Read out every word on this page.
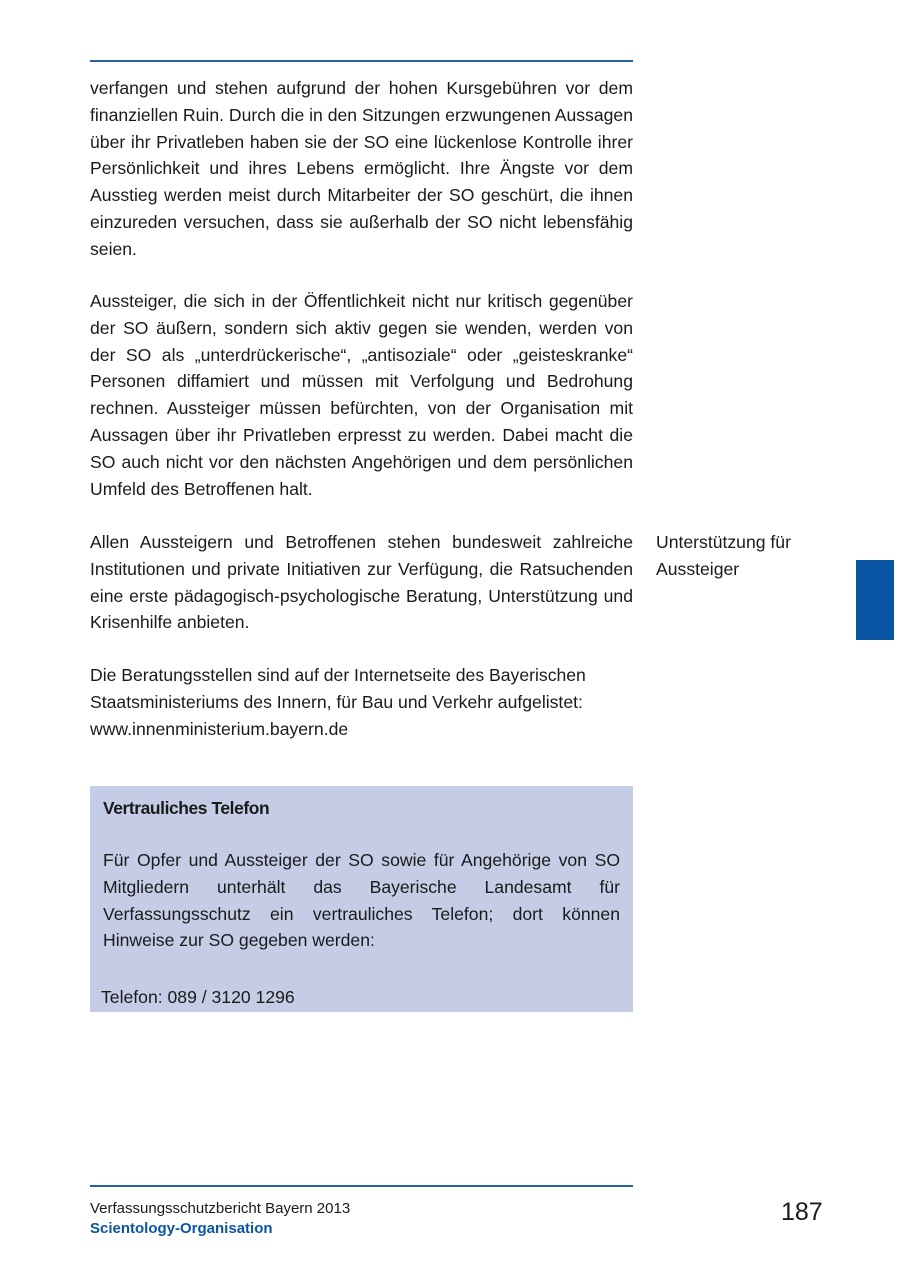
verfangen und stehen aufgrund der hohen Kursgebühren vor dem finanziellen Ruin. Durch die in den Sitzungen erzwungenen Aussagen über ihr Privatleben haben sie der SO eine lückenlose Kontrolle ihrer Persönlichkeit und ihres Lebens ermöglicht. Ihre Ängste vor dem Ausstieg werden meist durch Mitarbeiter der SO geschürt, die ihnen einzureden versuchen, dass sie außerhalb der SO nicht lebensfähig seien.

Aussteiger, die sich in der Öffentlichkeit nicht nur kritisch gegenüber der SO äußern, sondern sich aktiv gegen sie wenden, werden von der SO als „unterdrückerische“, „antisoziale“ oder „geisteskranke“ Personen diffamiert und müssen mit Verfolgung und Bedrohung rechnen. Aussteiger müssen befürchten, von der Organisation mit Aussagen über ihr Privatleben erpresst zu werden. Dabei macht die SO auch nicht vor den nächsten Angehörigen und dem persönlichen Umfeld des Betroffenen halt.

Allen Aussteigern und Betroffenen stehen bundesweit zahlreiche Institutionen und private Initiativen zur Verfügung, die Ratsuchenden eine erste pädagogisch-psychologische Beratung, Unterstützung und Krisenhilfe anbieten.

Die Beratungsstellen sind auf der Internetseite des Bayerischen
Staatsministeriums des Innern, für Bau und Verkehr aufgelistet:
www.innenministerium.bayern.de

Unterstützung für
Aussteiger

Vertrauliches Telefon

Für Opfer und Aussteiger der SO sowie für Angehörige von SO Mitgliedern unterhält das Bayerische Landesamt für Verfassungsschutz ein vertrauliches Telefon; dort können Hinweise zur SO gegeben werden:

Telefon: 089 / 3120 1296

Verfassungsschutzbericht Bayern 2013
Scientology-Organisation
187
